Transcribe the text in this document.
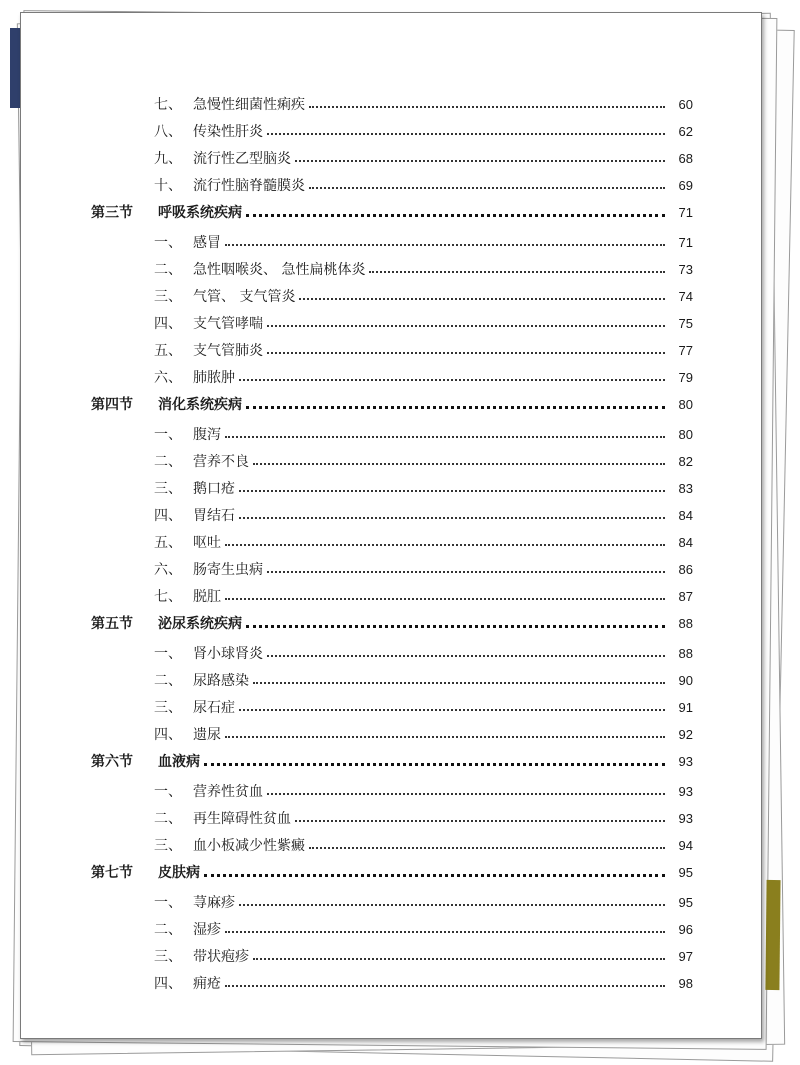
七、 急慢性细菌性痢疾	60
八、 传染性肝炎	62
九、 流行性乙型脑炎	68
十、 流行性脑脊髓膜炎	69
第三节	呼吸系统疾病	71
一、 感冒	71
二、 急性咽喉炎、 急性扁桃体炎	73
三、 气管、 支气管炎	74
四、 支气管哮喘	75
五、 支气管肺炎	77
六、 肺脓肿	79
第四节	消化系统疾病	80
一、 腹泻	80
二、 营养不良	82
三、 鹅口疮	83
四、 胃结石	84
五、 呕吐	84
六、 肠寄生虫病	86
七、 脱肛	87
第五节	泌尿系统疾病	88
一、 肾小球肾炎	88
二、 尿路感染	90
三、 尿石症	91
四、 遗尿	92
第六节	血液病	93
一、 营养性贫血	93
二、 再生障碍性贫血	93
三、 血小板减少性紫癜	94
第七节	皮肤病	95
一、 荨麻疹	95
二、 湿疹	96
三、 带状疱疹	97
四、 痈疮	98
